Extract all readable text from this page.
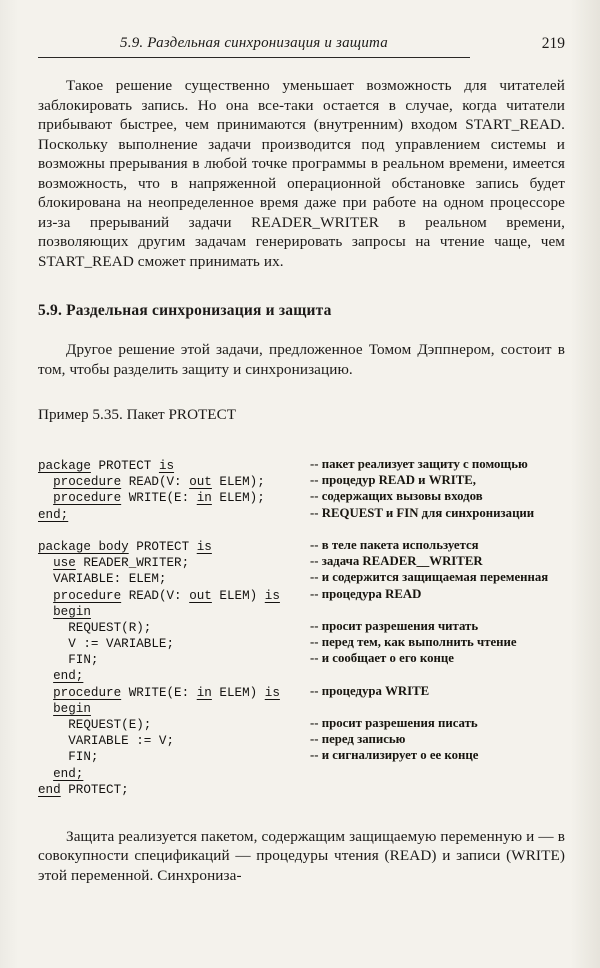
5.9. Раздельная синхронизация и защита	219

Такое решение существенно уменьшает возможность для читателей заблокировать запись. Но она все-таки остается в случае, когда читатели прибывают быстрее, чем принимаются (внутренним) входом START_READ. Поскольку выполнение задачи производится под управлением системы и возможны прерывания в любой точке программы в реальном времени, имеется возможность, что в напряженной операционной обстановке запись будет блокирована на неопределенное время даже при работе на одном процессоре из-за прерываний задачи READER_WRITER в реальном времени, позволяющих другим задачам генерировать запросы на чтение чаще, чем START_READ сможет принимать их.

5.9. Раздельная синхронизация и защита

Другое решение этой задачи, предложенное Томом Дэппнером, состоит в том, чтобы разделить защиту и синхронизацию.

Пример 5.35. Пакет PROTECT

package PROTECT is	-- пакет реализует защиту с помощью
procedure READ(V: out ELEM);	-- процедур READ и WRITE,
procedure WRITE(E: in ELEM);	-- содержащих вызовы входов
end;	-- REQUEST и FIN для синхронизации
package body PROTECT is	-- в теле пакета используется
use READER_WRITER;	-- задача READER__WRITER
VARIABLE: ELEM;	-- и содержится защищаемая переменная
procedure READ(V: out ELEM) is -- процедура READ
begin
REQUEST(R);	-- просит разрешения читать
V := VARIABLE;	-- перед тем, как выполнить чтение
FIN;	-- и сообщает о его конце
end;
procedure WRITE(E: in ELEM) is -- процедура WRITE
begin
REQUEST(E);	-- просит разрешения писать
VARIABLE := V;	-- перед записью
FIN;	-- и сигнализирует о ее конце
end;
end PROTECT;

Защита реализуется пакетом, содержащим защищаемую переменную и — в совокупности спецификаций — процедуры чтения (READ) и записи (WRITE) этой переменной. Синхрониза-
